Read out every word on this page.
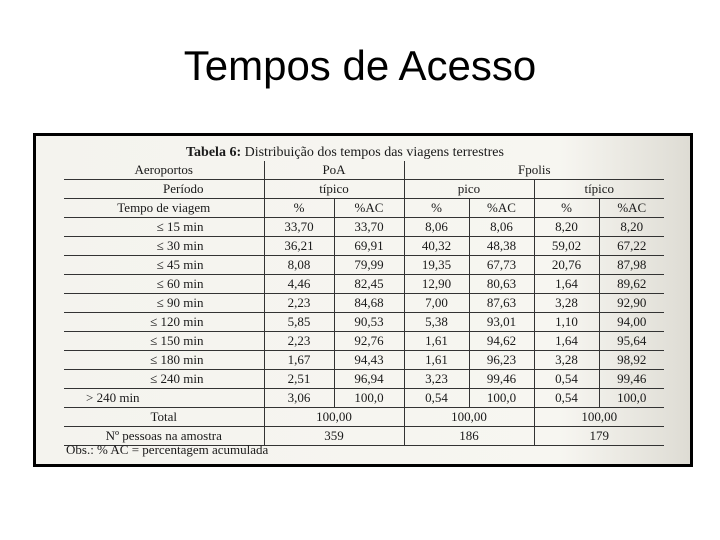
Tempos de Acesso
Tabela 6: Distribuição dos tempos das viagens terrestres
Aeroportos	PoA		Fpolis			
Período	típico		pico		típico	
Tempo de viagem	%	%AC	%	%AC	%	%AC
≤ 15 min	33,70	33,70	8,06	8,06	8,20	8,20
≤ 30 min	36,21	69,91	40,32	48,38	59,02	67,22
≤ 45 min	8,08	79,99	19,35	67,73	20,76	87,98
≤ 60 min	4,46	82,45	12,90	80,63	1,64	89,62
≤ 90 min	2,23	84,68	7,00	87,63	3,28	92,90
≤ 120 min	5,85	90,53	5,38	93,01	1,10	94,00
≤ 150 min	2,23	92,76	1,61	94,62	1,64	95,64
≤ 180 min	1,67	94,43	1,61	96,23	3,28	98,92
≤ 240 min	2,51	96,94	3,23	99,46	0,54	99,46
> 240 min	3,06	100,0	0,54	100,0	0,54	100,0
Total	100,00		100,00		100,00	
Nº pessoas na amostra	359		186		179	
Obs.: % AC = percentagem acumulada
